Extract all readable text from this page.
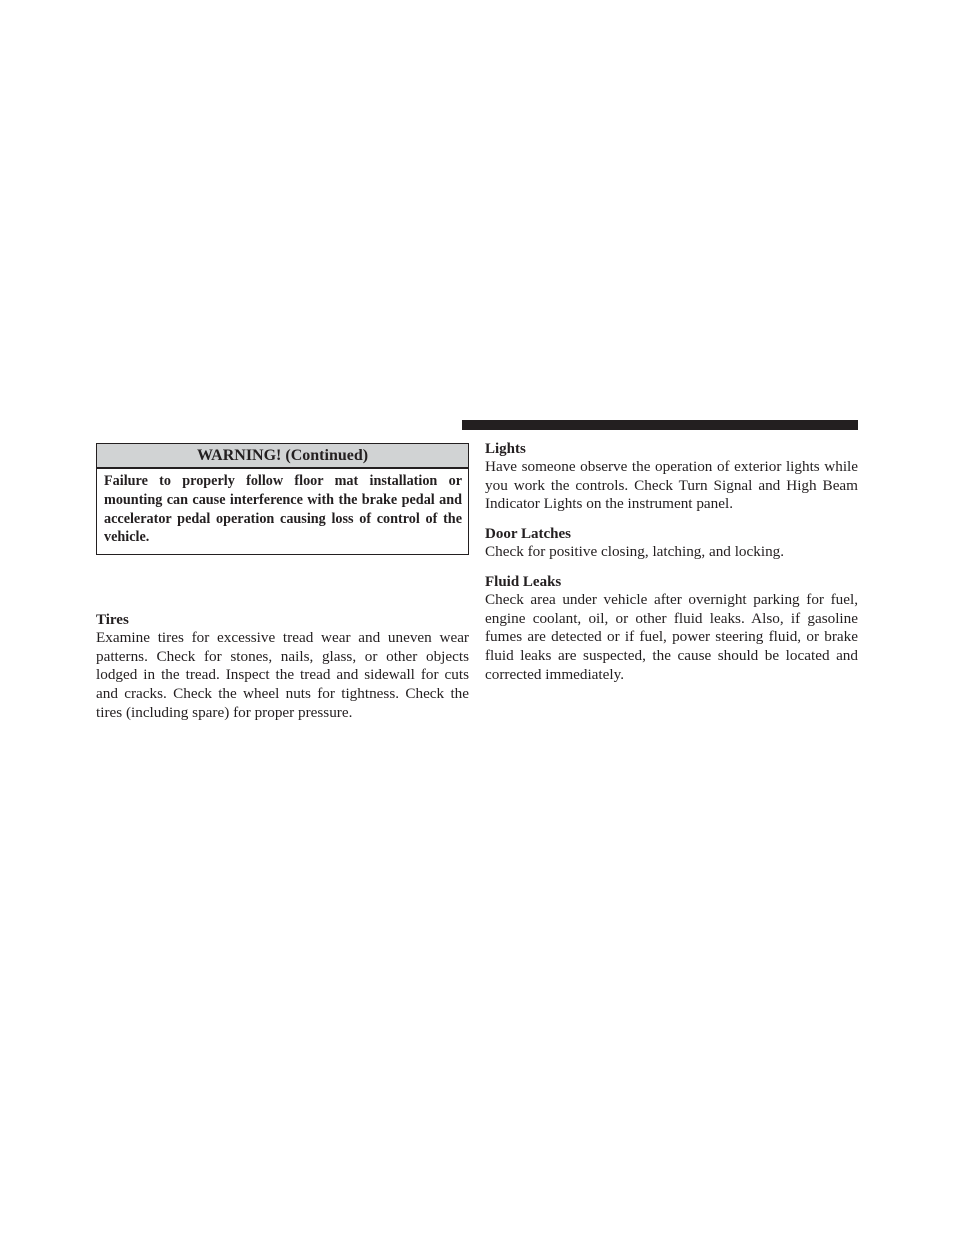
WARNING! (Continued)
Failure to properly follow floor mat installation or mounting can cause interference with the brake pedal and accelerator pedal operation causing loss of control of the vehicle.
Tires
Examine tires for excessive tread wear and uneven wear patterns. Check for stones, nails, glass, or other objects lodged in the tread. Inspect the tread and sidewall for cuts and cracks. Check the wheel nuts for tightness. Check the tires (including spare) for proper pressure.
Lights
Have someone observe the operation of exterior lights while you work the controls. Check Turn Signal and High Beam Indicator Lights on the instrument panel.
Door Latches
Check for positive closing, latching, and locking.
Fluid Leaks
Check area under vehicle after overnight parking for fuel, engine coolant, oil, or other fluid leaks. Also, if gasoline fumes are detected or if fuel, power steering fluid, or brake fluid leaks are suspected, the cause should be located and corrected immediately.
